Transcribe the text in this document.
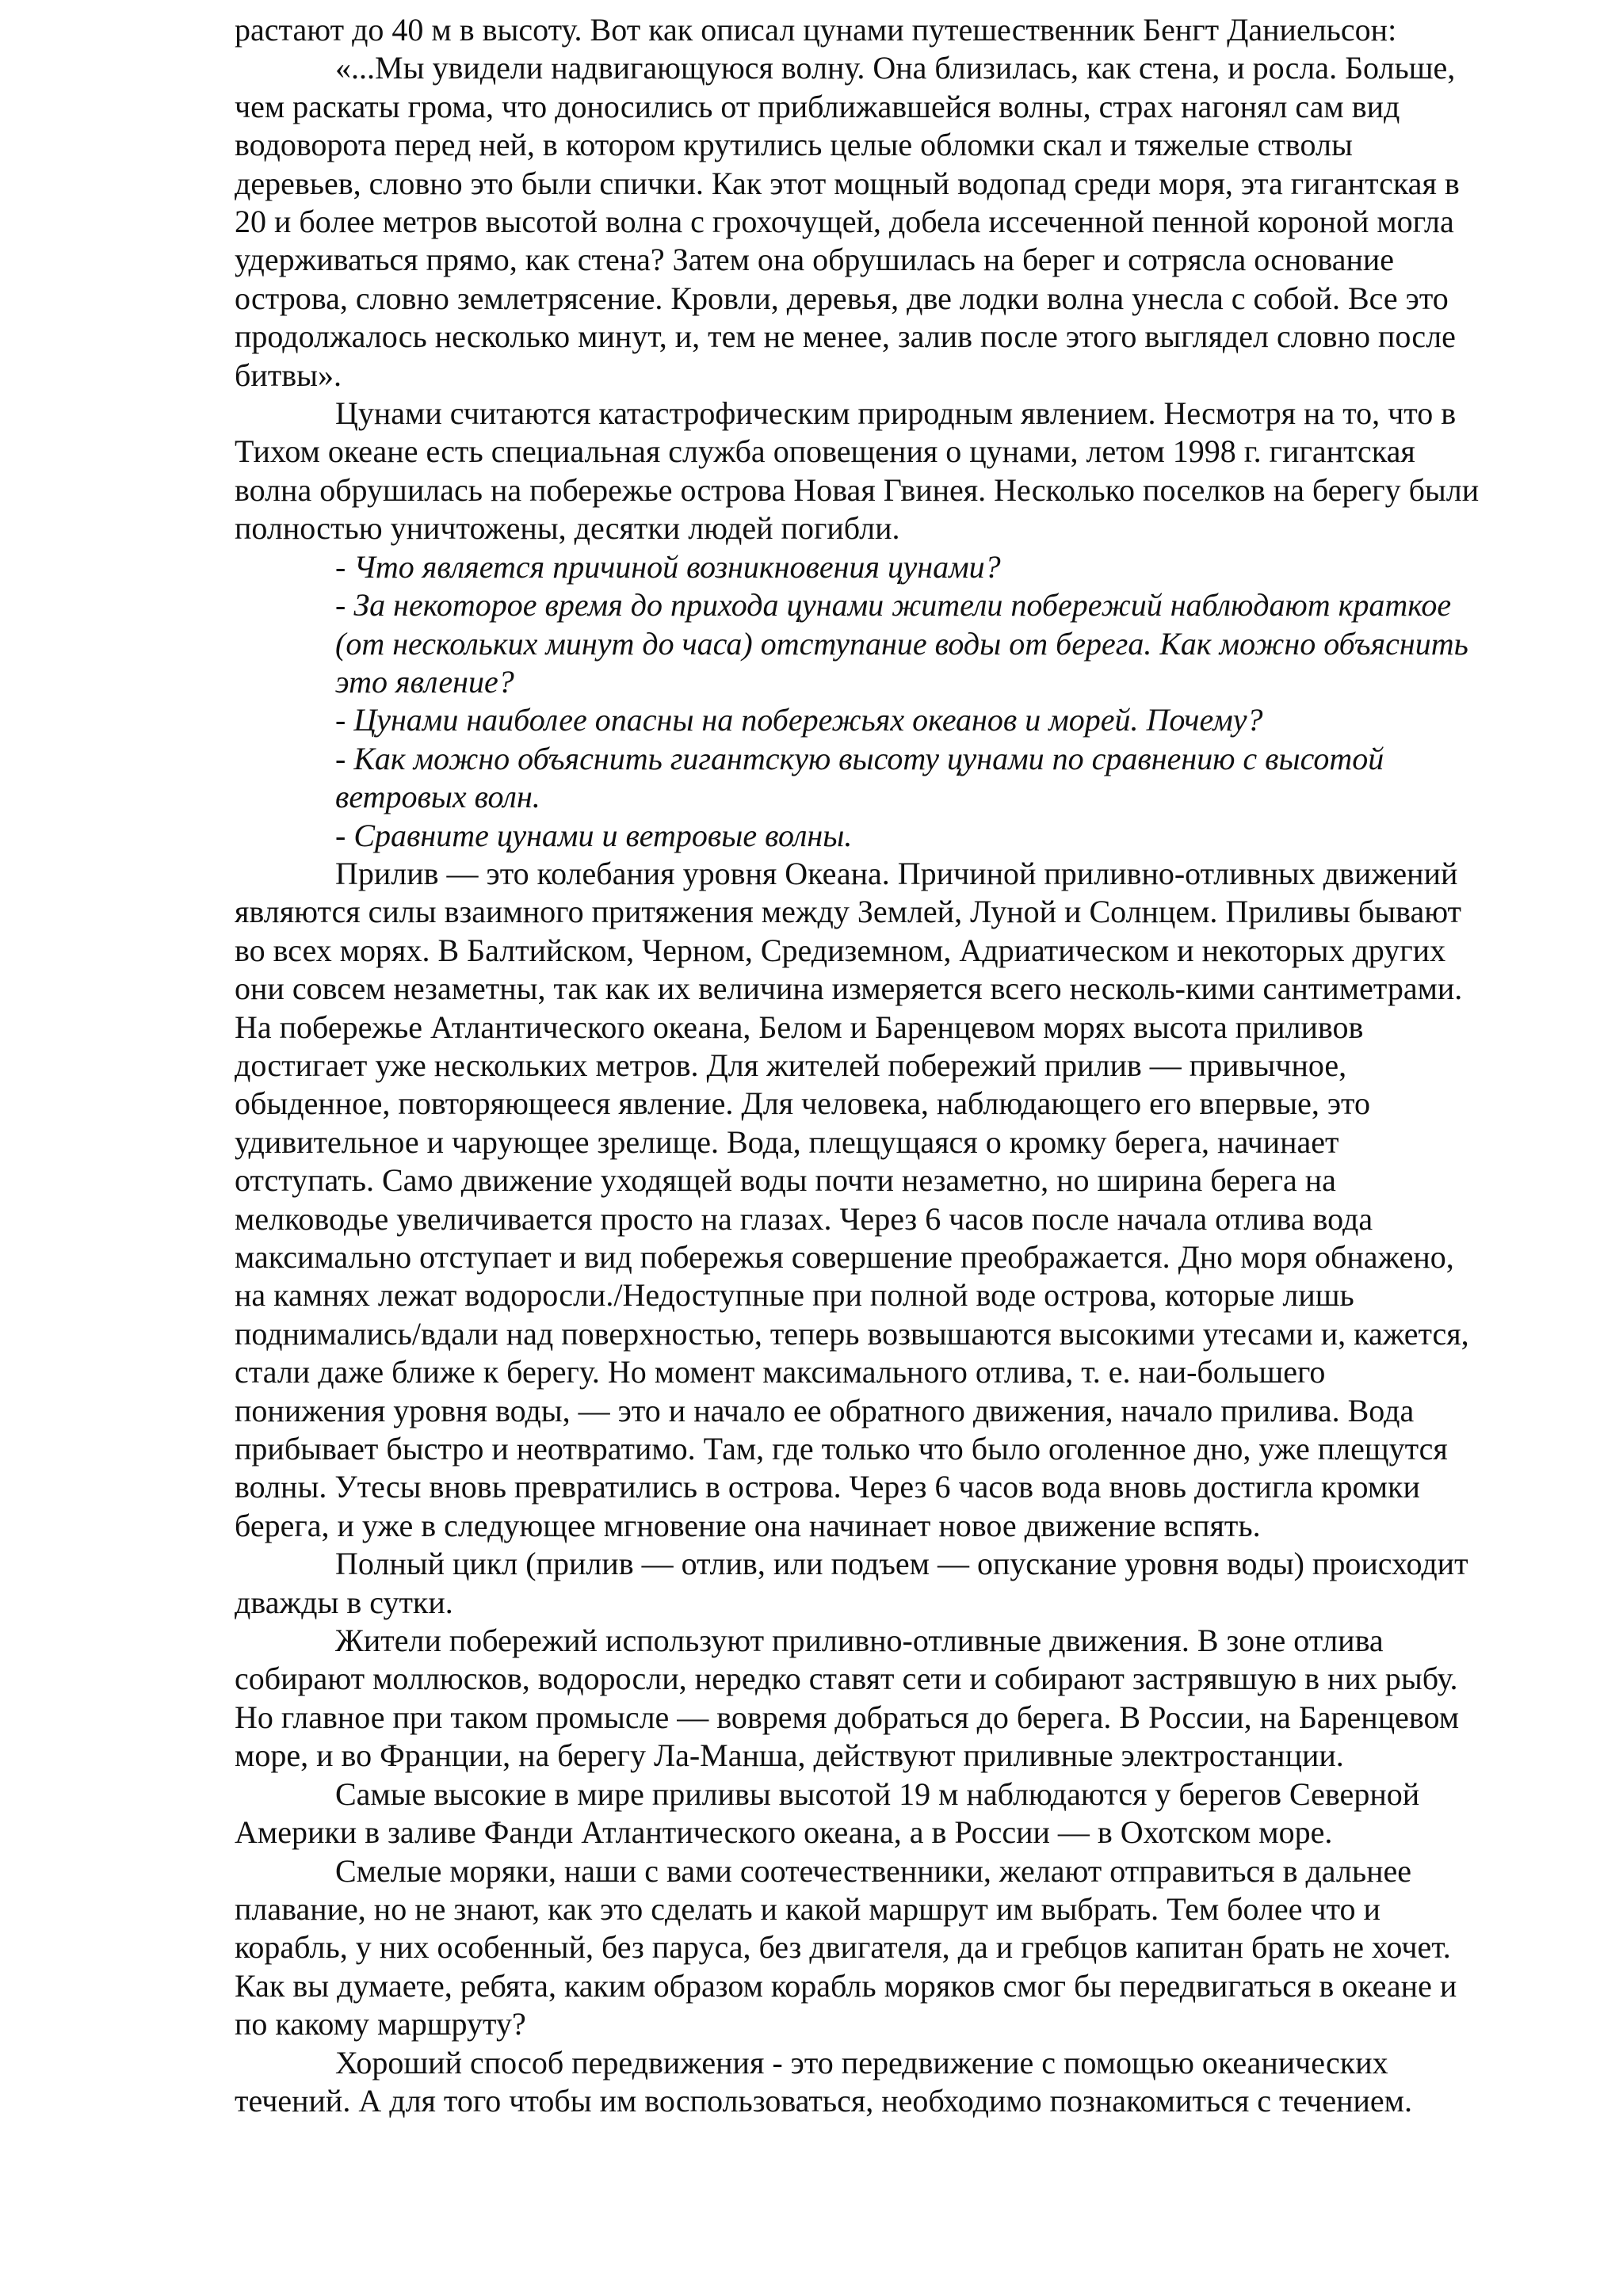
растают до 40 м в высоту. Вот как описал цунами путешественник Бенгт Даниельсон:

«...Мы увидели надвигающуюся волну. Она близилась, как стена, и росла. Больше, чем раскаты грома, что доносились от приближавшейся волны, страх нагонял сам вид водоворота перед ней, в котором крутились целые обломки скал и тяжелые стволы деревьев, словно это были спички. Как этот мощный водопад среди моря, эта гигантская в 20 и более метров высотой волна с грохочущей, добела иссеченной пенной короной могла удерживаться прямо, как стена? Затем она обрушилась на берег и сотрясла основание острова, словно землетрясение. Кровли, деревья, две лодки волна унесла с собой. Все это продолжалось несколько минут, и, тем не менее, залив после этого выглядел словно после битвы».

Цунами считаются катастрофическим природным явлением. Несмотря на то, что в Тихом океане есть специальная служба оповещения о цунами, летом 1998 г. гигантская волна обрушилась на побережье острова Новая Гвинея. Несколько поселков на берегу были полностью уничтожены, десятки людей погибли.

- Что является причиной возникновения цунами?
- За некоторое время до прихода цунами жители побережий наблюдают краткое (от нескольких минут до часа) отступание воды от берега. Как можно объяснить это явление?
- Цунами наиболее опасны на побережьях океанов и морей. Почему?
- Как можно объяснить гигантскую высоту цунами по сравнению с высотой ветровых волн.
- Сравните цунами и ветровые волны.

Прилив — это колебания уровня Океана. Причиной приливно-отливных движений являются силы взаимного притяжения между Землей, Луной и Солнцем. Приливы бывают во всех морях. В Балтийском, Черном, Средиземном, Адриатическом и некоторых других они совсем незаметны, так как их величина измеряется всего несколь-кими сантиметрами. На побережье Атлантического океана, Белом и Баренцевом морях высота приливов достигает уже нескольких метров. Для жителей побережий прилив — привычное, обыденное, повторяющееся явление. Для человека, наблюдающего его впервые, это удивительное и чарующее зрелище. Вода, плещущаяся о кромку берега, начинает отступать. Само движение уходящей воды почти незаметно, но ширина берега на мелководье увеличивается просто на глазах. Через 6 часов после начала отлива вода максимально отступает и вид побережья совершение преображается. Дно моря обнажено, на камнях лежат водоросли./Недоступные при полной воде острова, которые лишь поднимались/вдали над поверхностью, теперь возвышаются высокими утесами и, кажется, стали даже ближе к берегу. Но момент максимального отлива, т. е. наи-большего понижения уровня воды, — это и начало ее обратного движения, начало прилива. Вода прибывает быстро и неотвратимо. Там, где только что было оголенное дно, уже плещутся волны. Утесы вновь превратились в острова. Через 6 часов вода вновь достигла кромки берега, и уже в следующее мгновение она начинает новое движение вспять.

Полный цикл (прилив — отлив, или подъем — опускание уровня воды) происходит дважды в сутки.

Жители побережий используют приливно-отливные движения. В зоне отлива собирают моллюсков, водоросли, нередко ставят сети и собирают застрявшую в них рыбу. Но главное при таком промысле — вовремя добраться до берега. В России, на Баренцевом море, и во Франции, на берегу Ла-Манша, действуют приливные электростанции.

Самые высокие в мире приливы высотой 19 м наблюдаются у берегов Северной Америки в заливе Фанди Атлантического океана, а в России — в Охотском море.

Смелые моряки, наши с вами соотечественники, желают отправиться в дальнее плавание, но не знают, как это сделать и какой маршрут им выбрать. Тем более что и корабль, у них особенный, без паруса, без двигателя, да и гребцов капитан брать не хочет. Как вы думаете, ребята, каким образом корабль моряков смог бы передвигаться в океане и по какому маршруту?

Хороший способ передвижения - это передвижение с помощью океанических течений. А для того чтобы им воспользоваться, необходимо познакомиться с течением.
